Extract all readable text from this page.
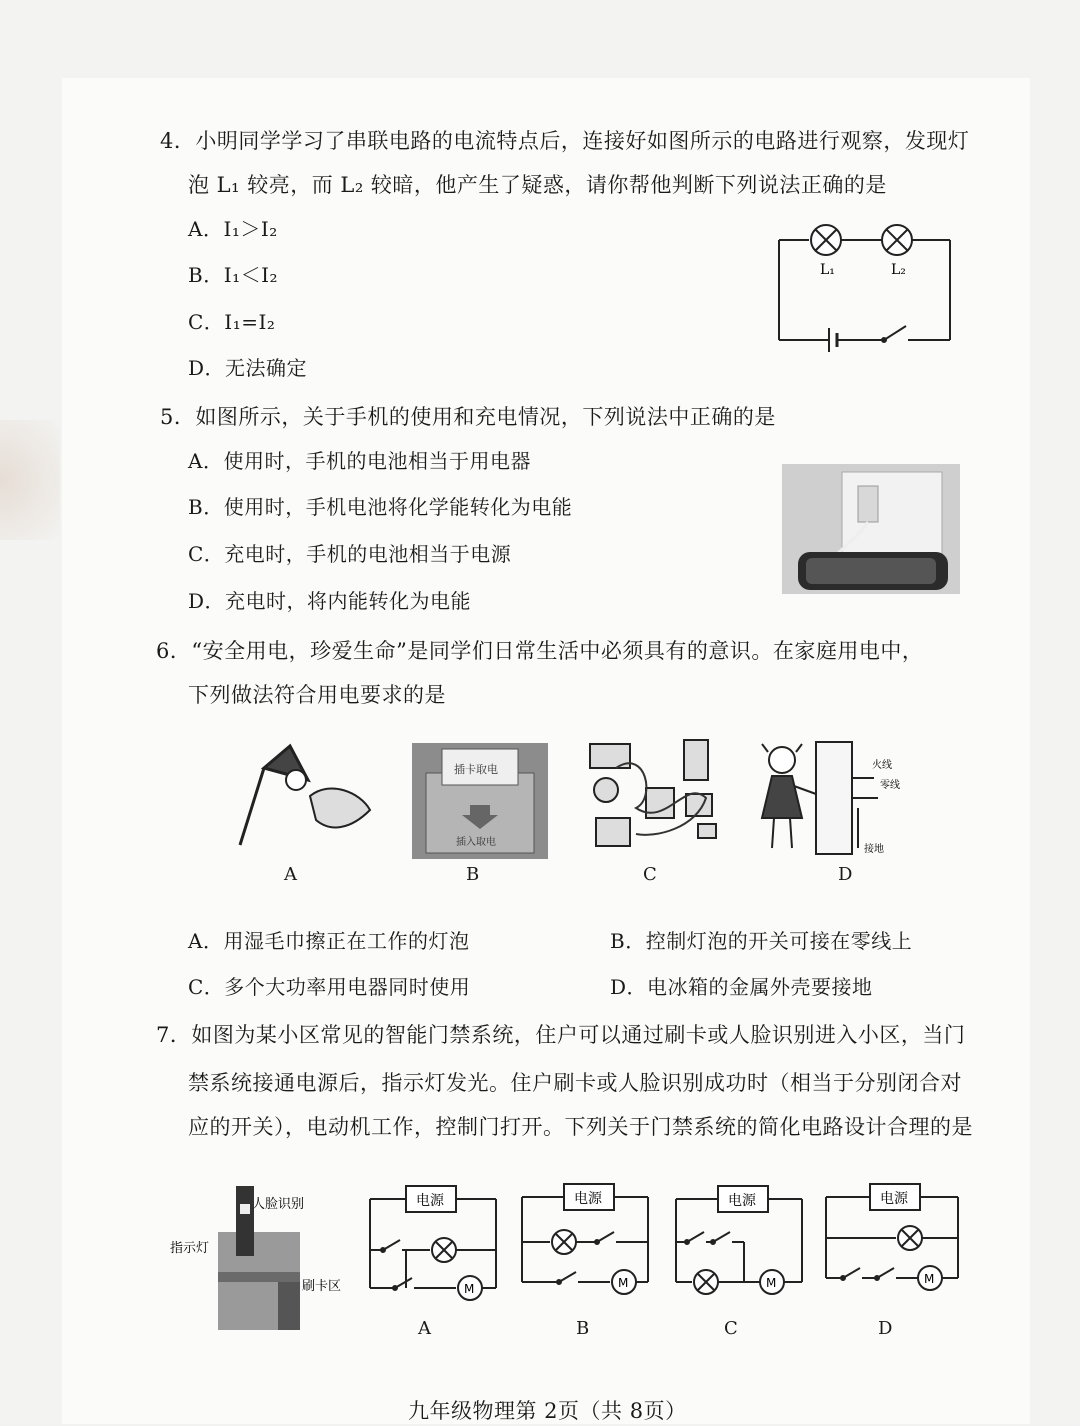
4．小明同学学习了串联电路的电流特点后，连接好如图所示的电路进行观察，发现灯
泡 L₁ 较亮，而 L₂ 较暗，他产生了疑惑，请你帮他判断下列说法正确的是
A．I₁＞I₂
B．I₁＜I₂
C．I₁=I₂
D．无法确定
L₁	L₂
5．如图所示，关于手机的使用和充电情况，下列说法中正确的是
A．使用时，手机的电池相当于用电器
B．使用时，手机电池将化学能转化为电能
C．充电时，手机的电池相当于电源
D．充电时，将内能转化为电能
6．“安全用电，珍爱生命”是同学们日常生活中必须具有的意识。在家庭用电中，
下列做法符合用电要求的是
A
插卡取电
插入取电
B	C
火线
零线
接地
D
A．用湿毛巾擦正在工作的灯泡	B．控制灯泡的开关可接在零线上
C．多个大功率用电器同时使用	D．电冰箱的金属外壳要接地
7．如图为某小区常见的智能门禁系统，住户可以通过刷卡或人脸识别进入小区，当门
禁系统接通电源后，指示灯发光。住户刷卡或人脸识别成功时（相当于分别闭合对
应的开关），电动机工作，控制门打开。下列关于门禁系统的简化电路设计合理的是
人脸识别
指示灯
刷卡区
电源
M
A
电源
M
B
电源
M
C
电源
M
D
九年级物理第 2页（共 8页）
